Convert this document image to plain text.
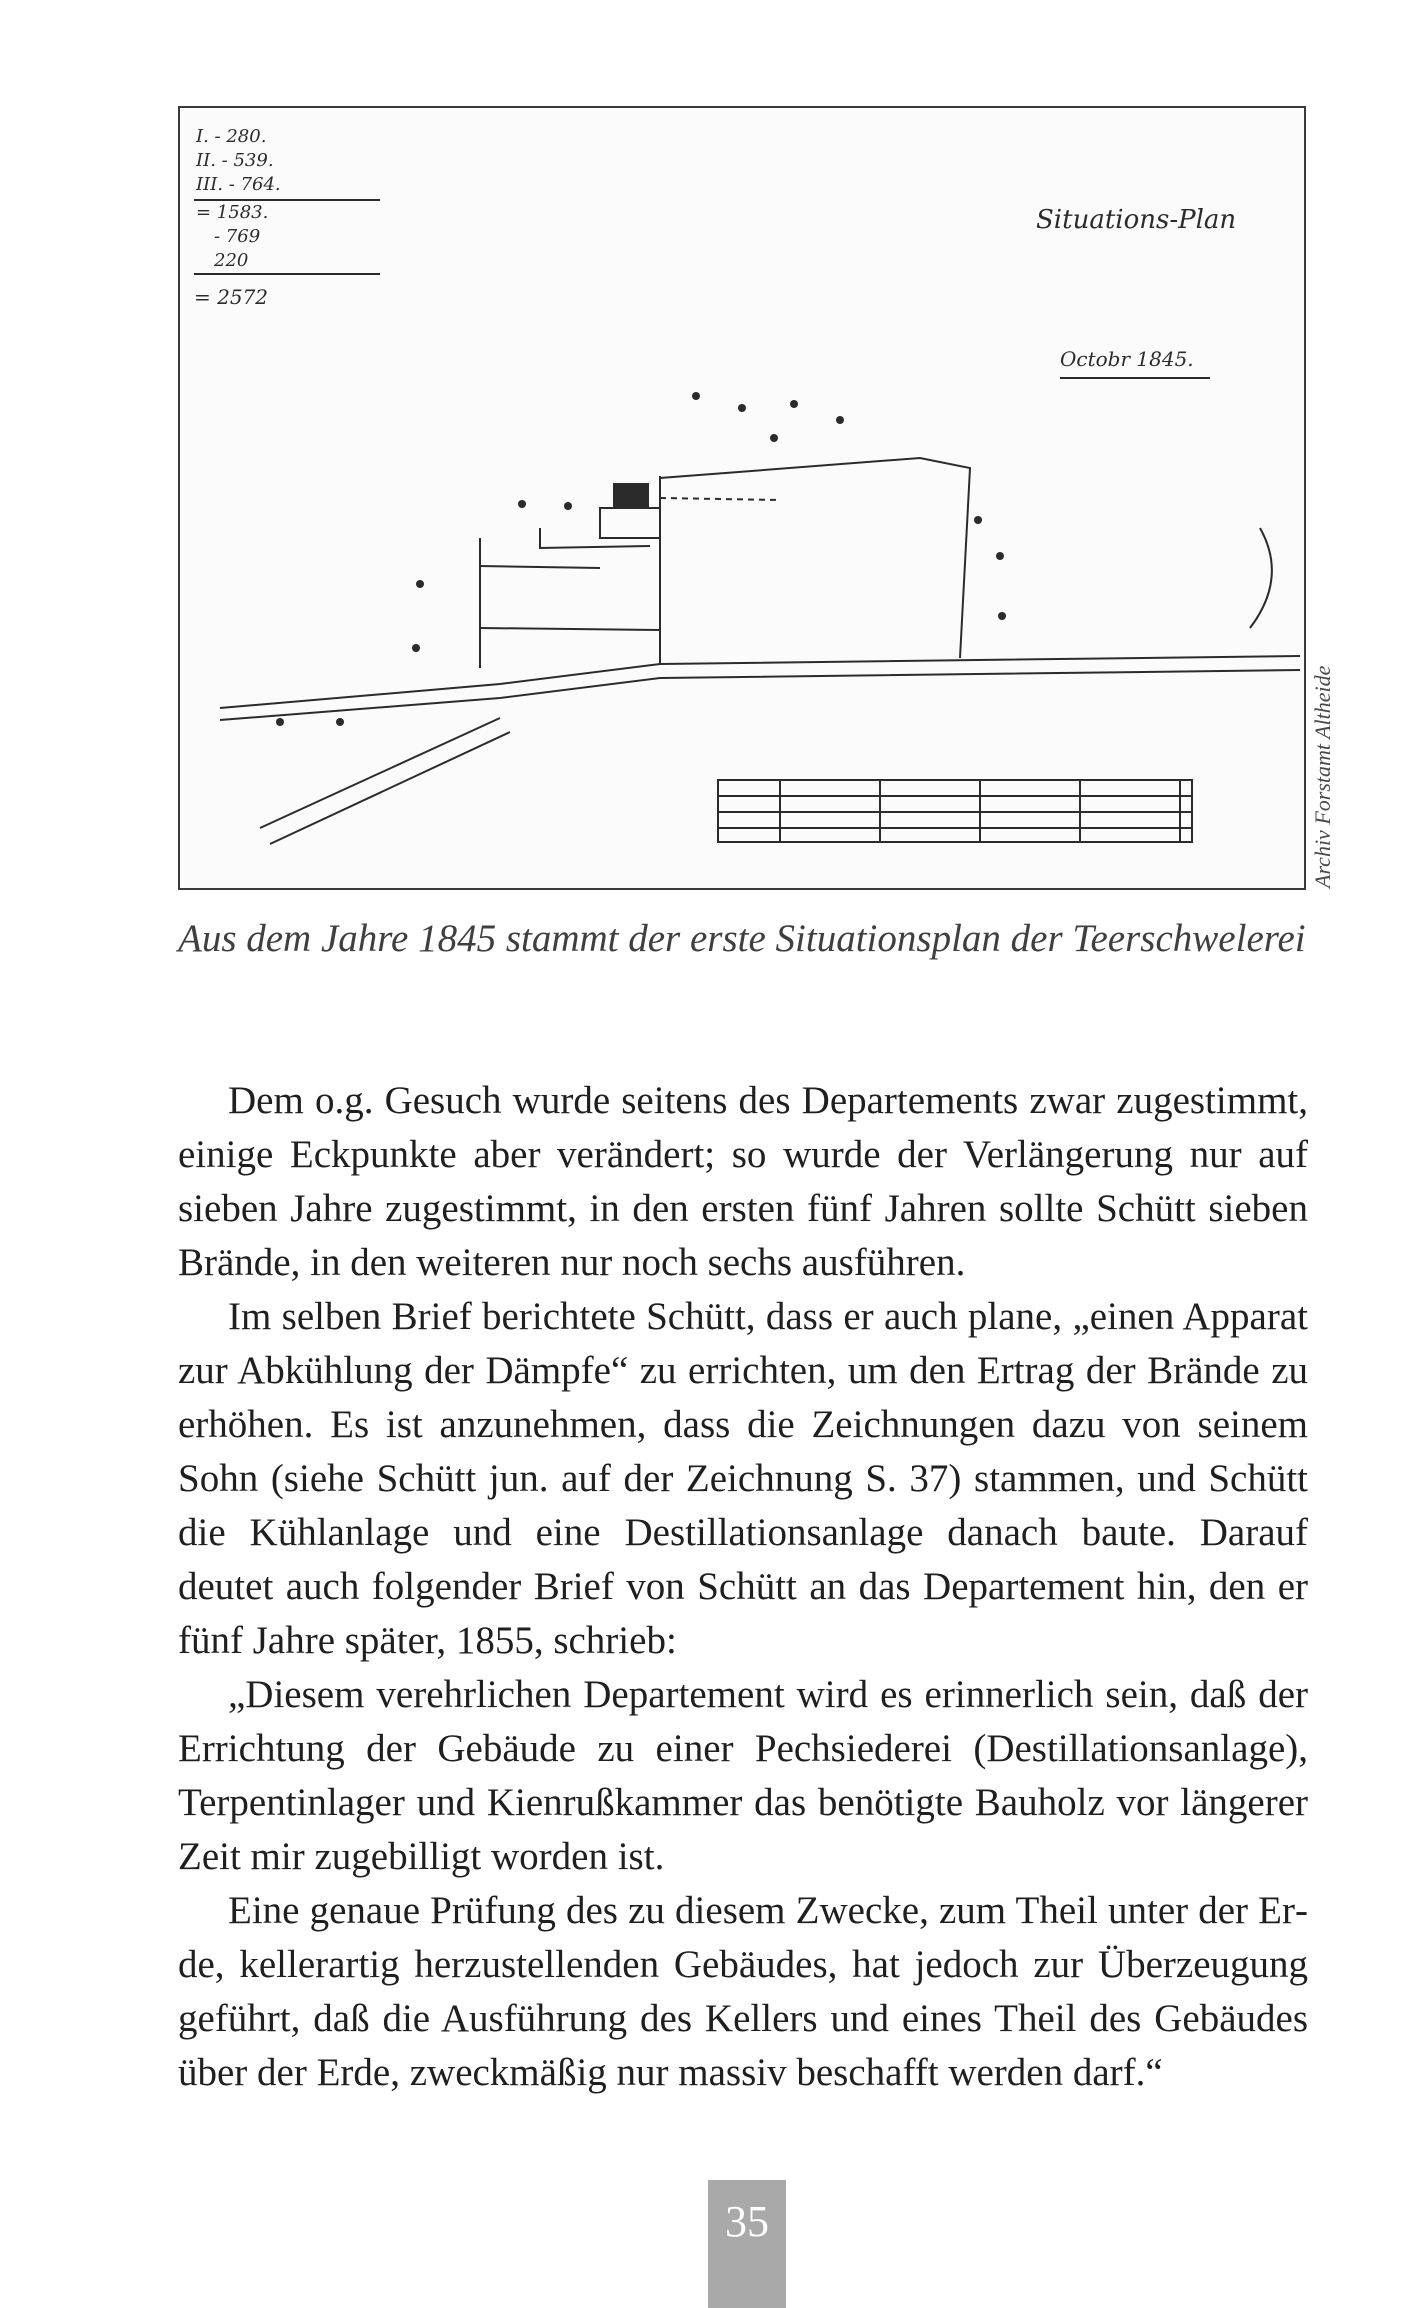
I. - 280.
II. - 539.
III. - 764.
= 1583.
- 769
220
= 2572
Situations-Plan
Octobr 1845.
Archiv Forstamt Altheide
Aus dem Jahre 1845 stammt der erste Situationsplan der Teerschwelerei

Dem o.g. Gesuch wurde seitens des Departements zwar zugestimmt, einige Eckpunkte aber verändert; so wurde der Verlängerung nur auf sieben Jahre zugestimmt, in den ersten fünf Jahren sollte Schütt sieben Brände, in den weiteren nur noch sechs ausführen.

Im selben Brief berichtete Schütt, dass er auch plane, „einen Apparat zur Abkühlung der Dämpfe“ zu errichten, um den Ertrag der Brände zu erhöhen. Es ist anzunehmen, dass die Zeichnungen dazu von seinem Sohn (siehe Schütt jun. auf der Zeichnung S. 37) stammen, und Schütt die Kühlanlage und eine Destillationsanlage danach baute. Darauf deutet auch folgender Brief von Schütt an das Departement hin, den er fünf Jahre später, 1855, schrieb:

„Diesem verehrlichen Departement wird es erinnerlich sein, daß der Errichtung der Gebäude zu einer Pechsiederei (Destillationsanlage), Terpentinlager und Kienrußkammer das benötigte Bauholz vor längerer Zeit mir zugebilligt worden ist.

Eine genaue Prüfung des zu diesem Zwecke, zum Theil unter der Erde, kellerartig herzustellenden Gebäudes, hat jedoch zur Überzeugung geführt, daß die Ausführung des Kellers und eines Theil des Gebäudes über der Erde, zweckmäßig nur massiv beschafft werden darf.“

35
